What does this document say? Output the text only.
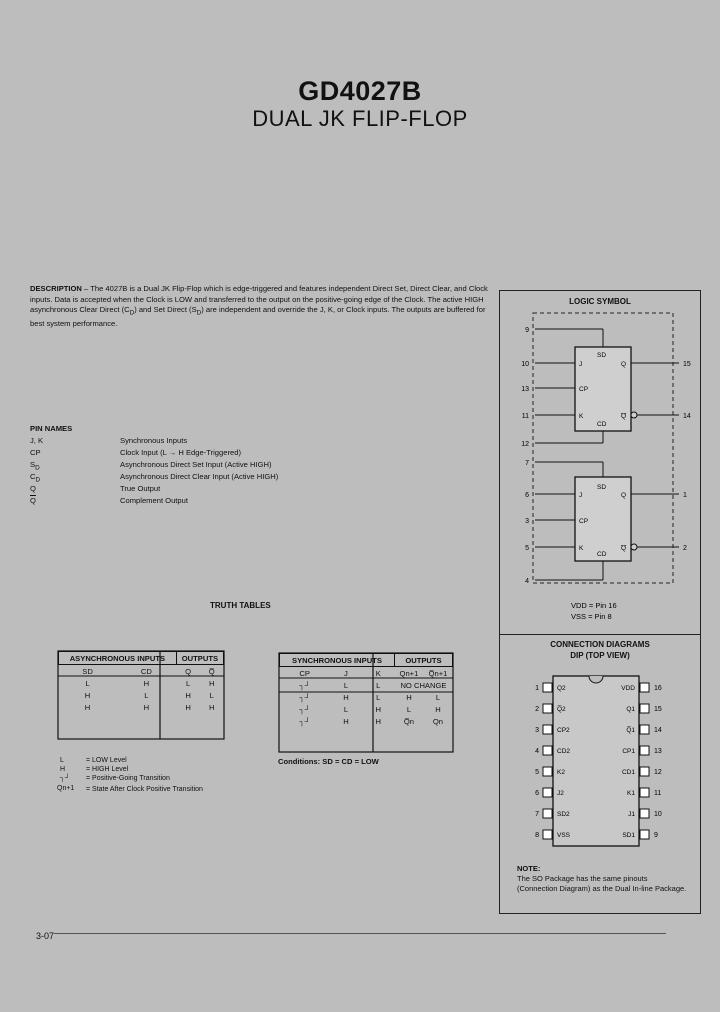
GD4027B
DUAL JK FLIP-FLOP
DESCRIPTION – The 4027B is a Dual JK Flip-Flop which is edge-triggered and features independent Direct Set, Direct Clear, and Clock inputs. Data is accepted when the Clock is LOW and transferred to the output on the positive-going edge of the Clock. The active HIGH asynchronous Clear Direct $(C_D)$ and Set Direct $(S_D)$ are independent and override the J, K, or Clock inputs. The outputs are buffered for best system performance.
PIN NAMES
J, K	Synchronous Inputs
CP	Clock Input (L → H Edge-Triggered)
$S_D$	Asynchronous Direct Set Input (Active HIGH)
$C_D$	Asynchronous Direct Clear Input (Active HIGH)
Q	True Output
$\overline{Q}$	Complement Output
TRUTH TABLES
ASYNCHRONOUS INPUTS		OUTPUTS	
SD	CD	Q	Q̅
L	H	L	H
H	L	H	L
H	H	H	H
SYNCHRONOUS INPUTS			OUTPUTS	
CP	J	K	Qn+1	Q̅n+1
┐┘	L	L	NO CHANGE	
┐┘	H	L	H	L
┐┘	L	H	L	H
┐┘	H	H	Q̅n	Qn
L	= LOW Level
H	= HIGH Level
┐┘ = Positive-Going Transition
Qn+1 = State After Clock Positive Transition
Conditions: SD = CD = LOW
LOGIC SYMBOL
9
10
13
11
12
15
14
SD
J
CP
K
CD
Q
Q
7
6
3
5
4
1
2
SD
J
CP
K
CD
Q
Q
VDD = Pin 16
VSS = Pin 8
CONNECTION DIAGRAMS
DIP (TOP VIEW)
1	Q2
2	Q̅2
3	CP2
4	CD2
5	K2
6	J2
7	SD2
8	VSS
16
VDD
15
Q1
14
Q̅1
13
CP1
12
CD1
11
K1
10
J1
9
SD1
NOTE:
The SO Package has the same pinouts (Connection Diagram) as the Dual In-line Package.
3-07
